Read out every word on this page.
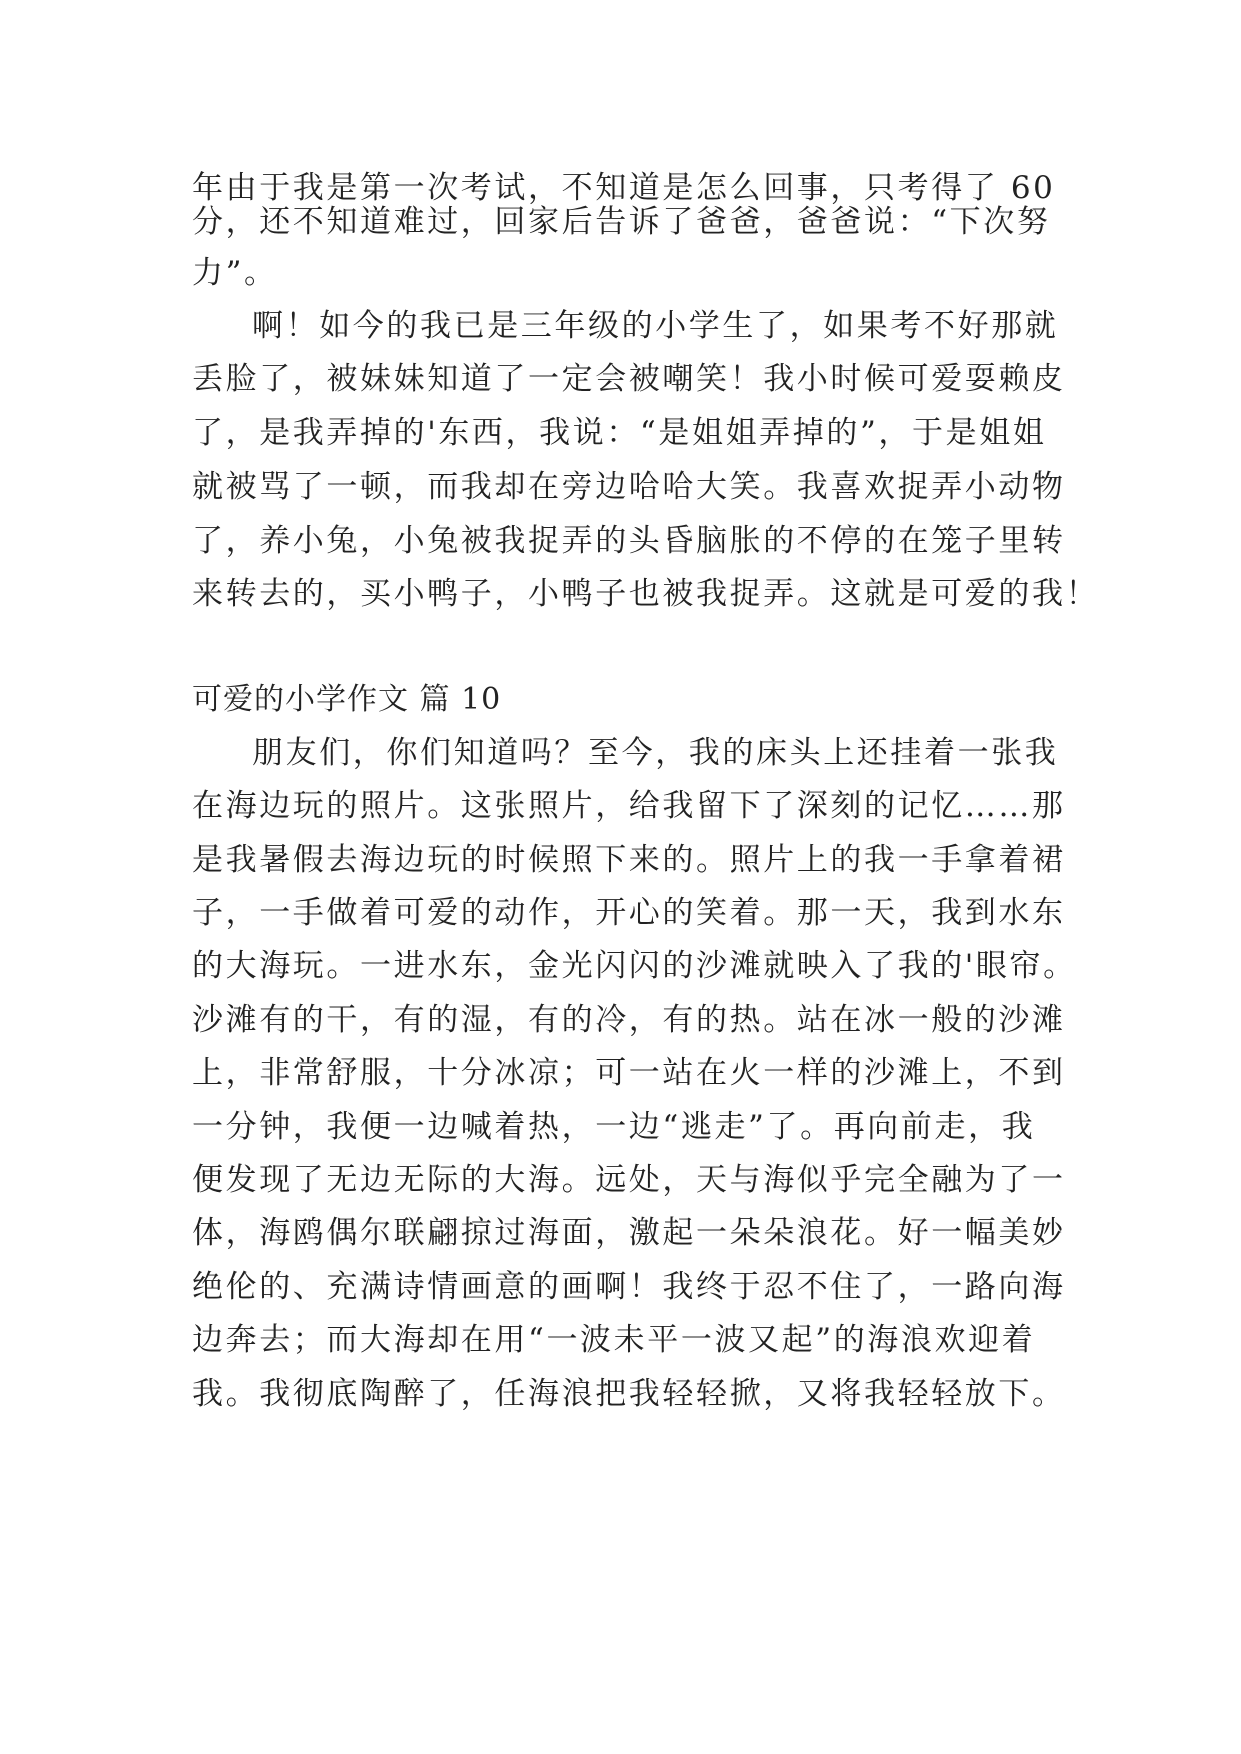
年由于我是第一次考试，不知道是怎么回事，只考得了 60
分，还不知道难过，回家后告诉了爸爸，爸爸说：“下次努
力”。
啊！如今的我已是三年级的小学生了，如果考不好那就
丢脸了，被妹妹知道了一定会被嘲笑！我小时候可爱耍赖皮
了，是我弄掉的'东西，我说：“是姐姐弄掉的”，于是姐姐
就被骂了一顿，而我却在旁边哈哈大笑。我喜欢捉弄小动物
了，养小兔，小兔被我捉弄的头昏脑胀的不停的在笼子里转
来转去的，买小鸭子，小鸭子也被我捉弄。这就是可爱的我！
可爱的小学作文 篇 10
朋友们，你们知道吗？至今，我的床头上还挂着一张我
在海边玩的照片。这张照片，给我留下了深刻的记忆……那
是我暑假去海边玩的时候照下来的。照片上的我一手拿着裙
子，一手做着可爱的动作，开心的笑着。那一天，我到水东
的大海玩。一进水东，金光闪闪的沙滩就映入了我的'眼帘。
沙滩有的干，有的湿，有的冷，有的热。站在冰一般的沙滩
上，非常舒服，十分冰凉；可一站在火一样的沙滩上，不到
一分钟，我便一边喊着热，一边“逃走”了。再向前走，我
便发现了无边无际的大海。远处，天与海似乎完全融为了一
体，海鸥偶尔联翩掠过海面，激起一朵朵浪花。好一幅美妙
绝伦的、充满诗情画意的画啊！我终于忍不住了，一路向海
边奔去；而大海却在用“一波未平一波又起”的海浪欢迎着
我。我彻底陶醉了，任海浪把我轻轻掀，又将我轻轻放下。
